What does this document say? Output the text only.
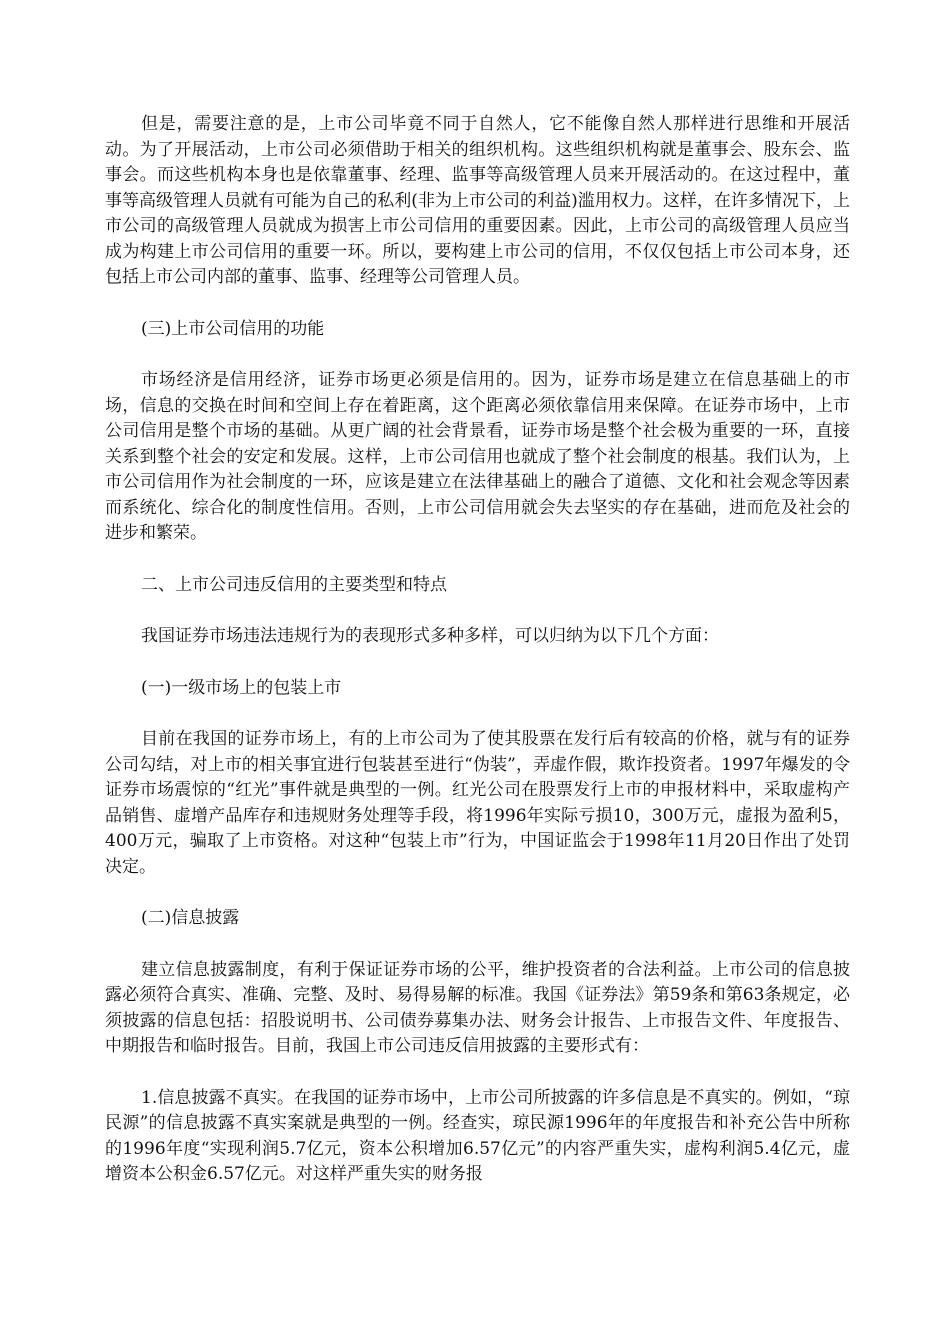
但是，需要注意的是，上市公司毕竟不同于自然人，它不能像自然人那样进行思维和开展活动。为了开展活动，上市公司必须借助于相关的组织机构。这些组织机构就是董事会、股东会、监事会。而这些机构本身也是依靠董事、经理、监事等高级管理人员来开展活动的。在这过程中，董事等高级管理人员就有可能为自己的私利(非为上市公司的利益)滥用权力。这样，在许多情况下，上市公司的高级管理人员就成为损害上市公司信用的重要因素。因此，上市公司的高级管理人员应当成为构建上市公司信用的重要一环。所以，要构建上市公司的信用，不仅仅包括上市公司本身，还包括上市公司内部的董事、监事、经理等公司管理人员。

(三)上市公司信用的功能

市场经济是信用经济，证券市场更必须是信用的。因为，证券市场是建立在信息基础上的市场，信息的交换在时间和空间上存在着距离，这个距离必须依靠信用来保障。在证券市场中，上市公司信用是整个市场的基础。从更广阔的社会背景看，证券市场是整个社会极为重要的一环，直接关系到整个社会的安定和发展。这样，上市公司信用也就成了整个社会制度的根基。我们认为，上市公司信用作为社会制度的一环，应该是建立在法律基础上的融合了道德、文化和社会观念等因素而系统化、综合化的制度性信用。否则，上市公司信用就会失去坚实的存在基础，进而危及社会的进步和繁荣。

二、上市公司违反信用的主要类型和特点

我国证券市场违法违规行为的表现形式多种多样，可以归纳为以下几个方面：

(一)一级市场上的包装上市

目前在我国的证券市场上，有的上市公司为了使其股票在发行后有较高的价格，就与有的证券公司勾结，对上市的相关事宜进行包装甚至进行“伪装”，弄虚作假，欺诈投资者。1997年爆发的令证券市场震惊的“红光”事件就是典型的一例。红光公司在股票发行上市的申报材料中，采取虚构产品销售、虚增产品库存和违规财务处理等手段，将1996年实际亏损10，300万元，虚报为盈利5，400万元，骗取了上市资格。对这种“包装上市”行为，中国证监会于1998年11月20日作出了处罚决定。

(二)信息披露

建立信息披露制度，有利于保证证券市场的公平，维护投资者的合法利益。上市公司的信息披露必须符合真实、准确、完整、及时、易得易解的标准。我国《证券法》第59条和第63条规定，必须披露的信息包括：招股说明书、公司债券募集办法、财务会计报告、上市报告文件、年度报告、中期报告和临时报告。目前，我国上市公司违反信用披露的主要形式有：

1.信息披露不真实。在我国的证券市场中，上市公司所披露的许多信息是不真实的。例如，“琼民源”的信息披露不真实案就是典型的一例。经查实，琼民源1996年的年度报告和补充公告中所称的1996年度“实现利润5.7亿元，资本公积增加6.57亿元”的内容严重失实，虚构利润5.4亿元，虚增资本公积金6.57亿元。对这样严重失实的财务报
